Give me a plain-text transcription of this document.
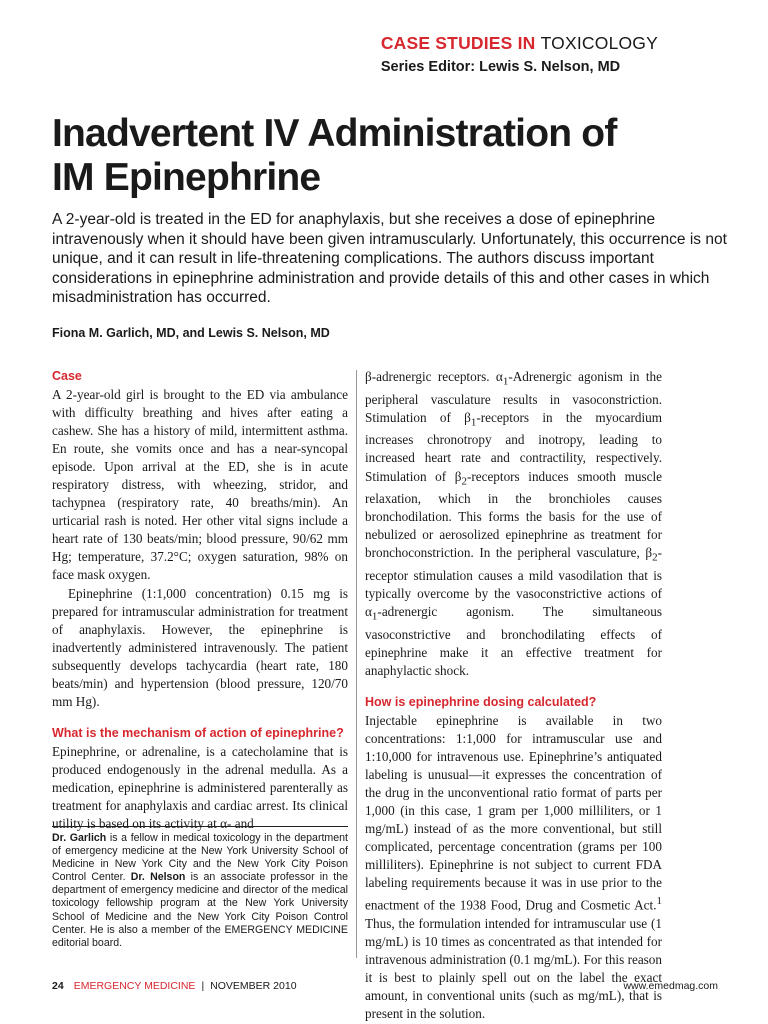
CASE STUDIES IN TOXICOLOGY
Series Editor: Lewis S. Nelson, MD
Inadvertent IV Administration of
IM Epinephrine

A 2-year-old is treated in the ED for anaphylaxis, but she receives a dose of epinephrine intravenously when it should have been given intramuscularly. Unfortunately, this occurrence is not unique, and it can result in life-threatening complications. The authors discuss important considerations in epinephrine administration and provide details of this and other cases in which misadministration has occurred.

Fiona M. Garlich, MD, and Lewis S. Nelson, MD

Case

A 2-year-old girl is brought to the ED via ambulance with difficulty breathing and hives after eating a cashew. She has a history of mild, intermittent asthma. En route, she vomits once and has a near-syncopal episode. Upon arrival at the ED, she is in acute respiratory distress, with wheezing, stridor, and tachypnea (respiratory rate, 40 breaths/min). An urticarial rash is noted. Her other vital signs include a heart rate of 130 beats/min; blood pressure, 90/62 mm Hg; temperature, 37.2°C; oxygen saturation, 98% on face mask oxygen.

Epinephrine (1:1,000 concentration) 0.15 mg is prepared for intramuscular administration for treatment of anaphylaxis. However, the epinephrine is inadvertently administered intravenously. The patient subsequently develops tachycardia (heart rate, 180 beats/min) and hypertension (blood pressure, 120/70 mm Hg).

What is the mechanism of action of epinephrine?

Epinephrine, or adrenaline, is a catecholamine that is produced endogenously in the adrenal medulla. As a medication, epinephrine is administered parenterally as treatment for anaphylaxis and cardiac arrest. Its clinical utility is based on its activity at α- and

Dr. Garlich is a fellow in medical toxicology in the department of emergency medicine at the New York University School of Medicine in New York City and the New York City Poison Control Center. Dr. Nelson is an associate professor in the department of emergency medicine and director of the medical toxicology fellowship program at the New York University School of Medicine and the New York City Poison Control Center. He is also a member of the EMERGENCY MEDICINE editorial board.

β-adrenergic receptors. $\alpha_1$-Adrenergic agonism in the peripheral vasculature results in vasoconstriction. Stimulation of $\beta_1$-receptors in the myocardium increases chronotropy and inotropy, leading to increased heart rate and contractility, respectively. Stimulation of $\beta_2$-receptors induces smooth muscle relaxation, which in the bronchioles causes bronchodilation. This forms the basis for the use of nebulized or aerosolized epinephrine as treatment for bronchoconstriction. In the peripheral vasculature, $\beta_2$-receptor stimulation causes a mild vasodilation that is typically overcome by the vasoconstrictive actions of $\alpha_1$-adrenergic agonism. The simultaneous vasoconstrictive and bronchodilating effects of epinephrine make it an effective treatment for anaphylactic shock.

How is epinephrine dosing calculated?

Injectable epinephrine is available in two concentrations: 1:1,000 for intramuscular use and 1:10,000 for intravenous use. Epinephrine’s antiquated labeling is unusual—it expresses the concentration of the drug in the unconventional ratio format of parts per 1,000 (in this case, 1 gram per 1,000 milliliters, or 1 mg/mL) instead of as the more conventional, but still complicated, percentage concentration (grams per 100 milliliters). Epinephrine is not subject to current FDA labeling requirements because it was in use prior to the enactment of the 1938 Food, Drug and Cosmetic Act.$^1$ Thus, the formulation intended for intramuscular use (1 mg/mL) is 10 times as concentrated as that intended for intravenous administration (0.1 mg/mL). For this reason it is best to plainly spell out on the label the exact amount, in conventional units (such as mg/mL), that is present in the solution.

24 EMERGENCY MEDICINE | NOVEMBER 2010	www.emedmag.com
